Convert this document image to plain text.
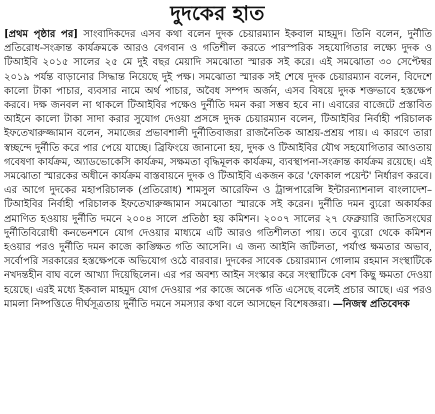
দুদকের হাত
[প্রথম পৃষ্ঠার পর] সাংবাদিকদের এসব কথা বলেন দুদক চেয়ারম্যান ইকবাল মাহমুদ। তিনি বলেন, দুর্নীতি প্রতিরোধ-সংক্রান্ত কার্যক্রমকে আরও বেগবান ও গতিশীল করতে পারস্পরিক সহযোগিতার লক্ষ্যে দুদক ও টিআইবি ২০১৫ সালের ২৫ মে দুই বছর মেয়াদি সমঝোতা স্মারক সই করে। এই সমঝোতা ৩০ সেপ্টেম্বর ২০১৯ পর্যন্ত বাড়ানোর সিদ্ধান্ত নিয়েছে দুই পক্ষ। সমঝোতা স্মারক সই শেষে দুদক চেয়ারম্যান বলেন, বিদেশে কালো টাকা পাচার, ব্যবসার নামে অর্থ পাচার, অবৈধ সম্পদ অর্জন, এসব বিষয়ে দুদক শক্তভাবে হস্তক্ষেপ করবে। দক্ষ জনবল না থাকলে টিআইবির পক্ষেও দুর্নীতি দমন করা সম্ভব হবে না। এবারের বাজেটে প্রস্তাবিত আইনে কালো টাকা সাদা করার সুযোগ দেওয়া প্রসঙ্গে দুদক চেয়ারম্যান বলেন, টিআইবির নির্বাহী পরিচালক ইফতেখারুজ্জামান বলেন, সমাজের প্রভাবশালী দুর্নীতিবাজরা রাজনৈতিক আশ্রয়-প্রশ্রয় পায়। এ কারণে তারা স্বচ্ছন্দে দুর্নীতি করে পার পেয়ে যাচ্ছে। ব্রিফিংয়ে জানানো হয়, দুদক ও টিআইবির যৌথ সহযোগিতার আওতায় গবেষণা কার্যক্রম, অ্যাডভোকেসি কার্যক্রম, সক্ষমতা বৃদ্ধিমূলক কার্যক্রম, ব্যবস্থাপনা-সংক্রান্ত কার্যক্রম রয়েছে। এই সমঝোতা স্মারকের অধীনে কার্যক্রম বাস্তবায়নে দুদক ও টিআইবি একজন করে 'ফোকাল পয়েন্ট' নির্ধারণ করবে। এর আগে দুদকের মহাপরিচালক (প্রতিরোধ) শামসুল আরেফিন ও ট্রান্সপারেন্সি ইন্টারন্যাশনাল বাংলাদেশ–টিআইবির নির্বাহী পরিচালক ইফতেখারুজ্জামান সমঝোতা স্মারকে সই করেন। দুর্নীতি দমন ব্যুরো অকার্যকর প্রমাণিত হওয়ায় দুর্নীতি দমনে ২০০৪ সালে প্রতিষ্ঠা হয় কমিশন। ২০০৭ সালের ২৭ ফেব্রুয়ারি জাতিসংঘের দুর্নীতিবিরোধী কনভেনশনে যোগ দেওয়ার মাধ্যমে এটি আরও গতিশীলতা পায়। তবে ব্যুরো থেকে কমিশন হওয়ার পরও দুর্নীতি দমন কাজে কাঙ্ক্ষিত গতি আসেনি। এ জন্য আইনি জটিলতা, পর্যাপ্ত ক্ষমতার অভাব, সর্বোপরি সরকারের হস্তক্ষেপকে অভিযোগ ওঠে বারবার। দুদকের সাবেক চেয়ারম্যান গোলাম রহমান সংস্থাটিকে নখদন্তহীন বাঘ বলে আখ্যা দিয়েছিলেন। এর পর অবশ্য আইন সংস্কার করে সংস্থাটিকে বেশ কিছু ক্ষমতা দেওয়া হয়েছে। এরই মধ্যে ইকবাল মাহমুদ যোগ দেওয়ার পর কাজে অনেক গতি এসেছে বলেই প্রচার আছে। এর পরও মামলা নিষ্পত্তিতে দীর্ঘসূত্রতায় দুর্নীতি দমনে সমস্যার কথা বলে আসছেন বিশেষজ্ঞরা। —নিজস্ব প্রতিবেদক
